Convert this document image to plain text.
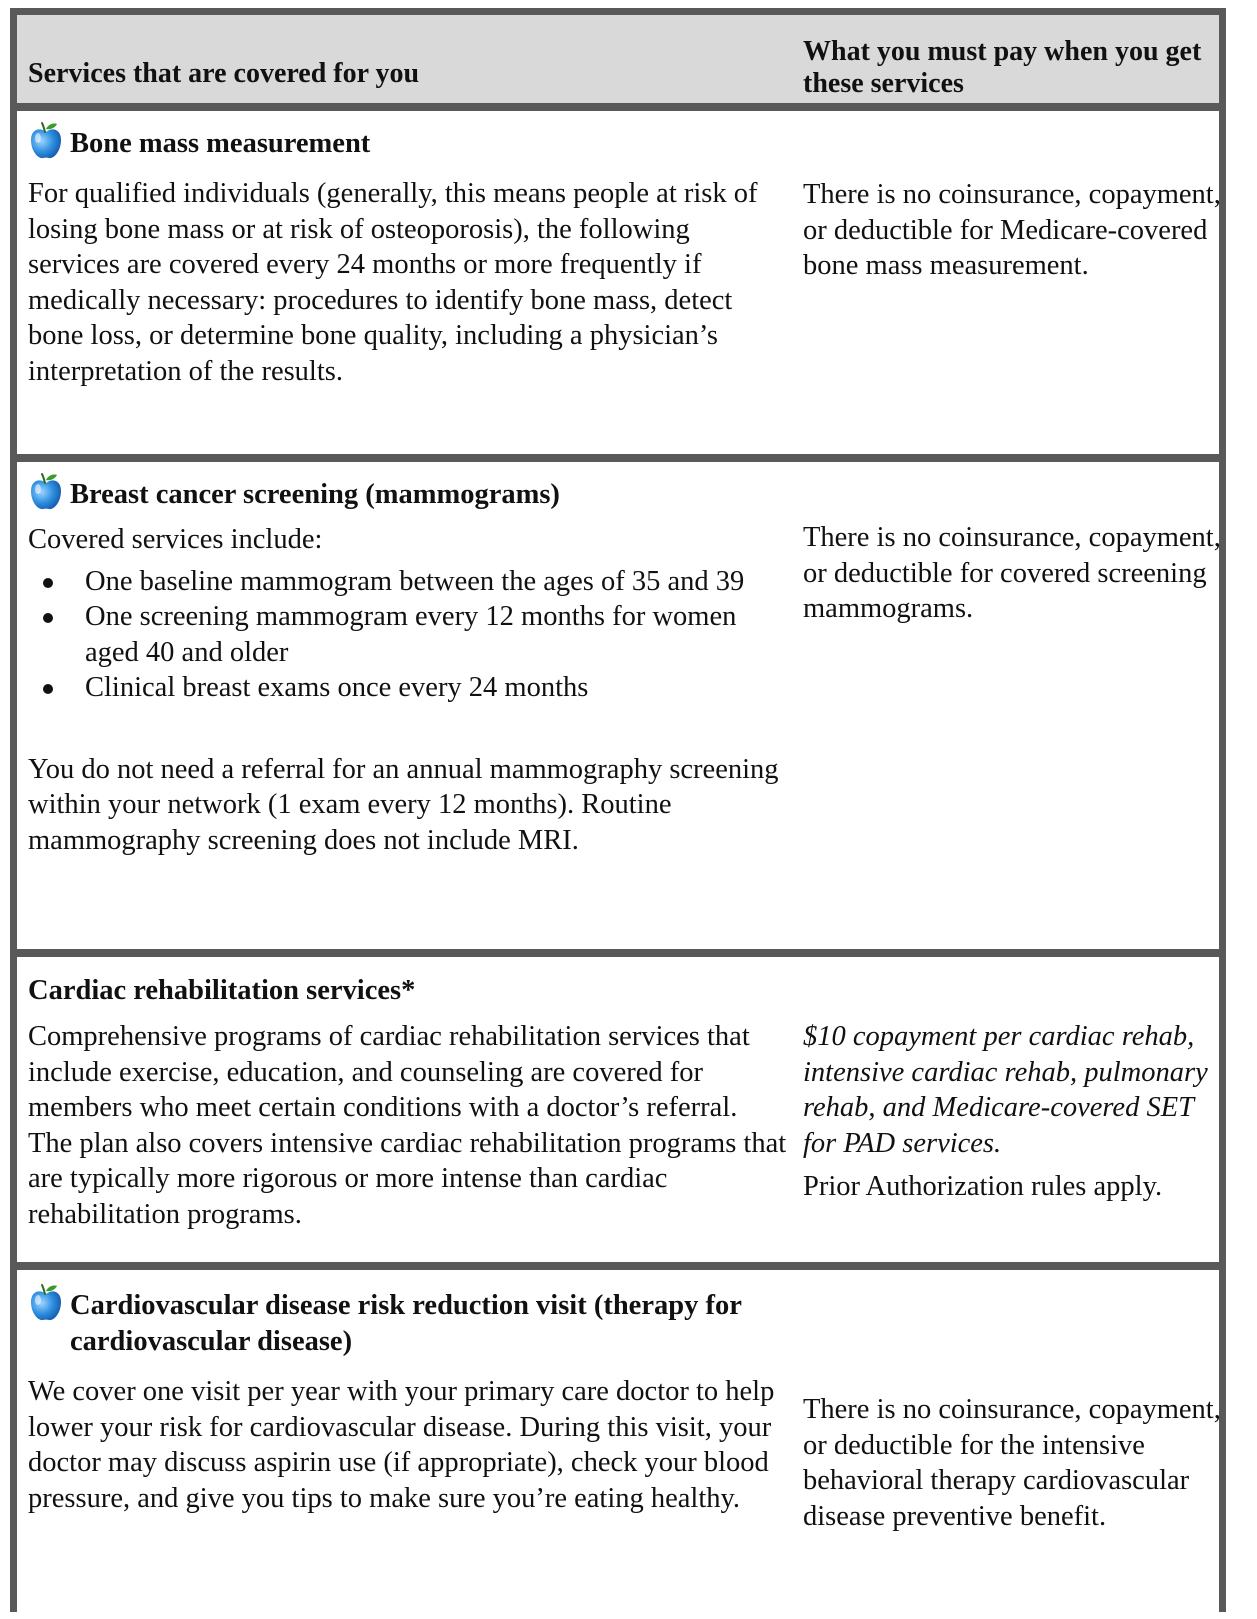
Services that are covered for you
What you must pay when you get these services
Bone mass measurement

For qualified individuals (generally, this means people at risk of losing bone mass or at risk of osteoporosis), the following services are covered every 24 months or more frequently if medically necessary: procedures to identify bone mass, detect bone loss, or determine bone quality, including a physician’s interpretation of the results.

There is no coinsurance, copayment, or deductible for Medicare-covered bone mass measurement.
Breast cancer screening (mammograms)

Covered services include:

One baseline mammogram between the ages of 35 and 39
One screening mammogram every 12 months for women aged 40 and older
Clinical breast exams once every 24 months

You do not need a referral for an annual mammography screening within your network (1 exam every 12 months). Routine mammography screening does not include MRI.

There is no coinsurance, copayment, or deductible for covered screening mammograms.
Cardiac rehabilitation services*

Comprehensive programs of cardiac rehabilitation services that include exercise, education, and counseling are covered for members who meet certain conditions with a doctor’s referral. The plan also covers intensive cardiac rehabilitation programs that are typically more rigorous or more intense than cardiac rehabilitation programs.

$10 copayment per cardiac rehab, intensive cardiac rehab, pulmonary rehab, and Medicare-covered SET for PAD services.

Prior Authorization rules apply.

Cardiovascular disease risk reduction visit (therapy for cardiovascular disease)

We cover one visit per year with your primary care doctor to help lower your risk for cardiovascular disease. During this visit, your doctor may discuss aspirin use (if appropriate), check your blood pressure, and give you tips to make sure you’re eating healthy.

There is no coinsurance, copayment, or deductible for the intensive behavioral therapy cardiovascular disease preventive benefit.
